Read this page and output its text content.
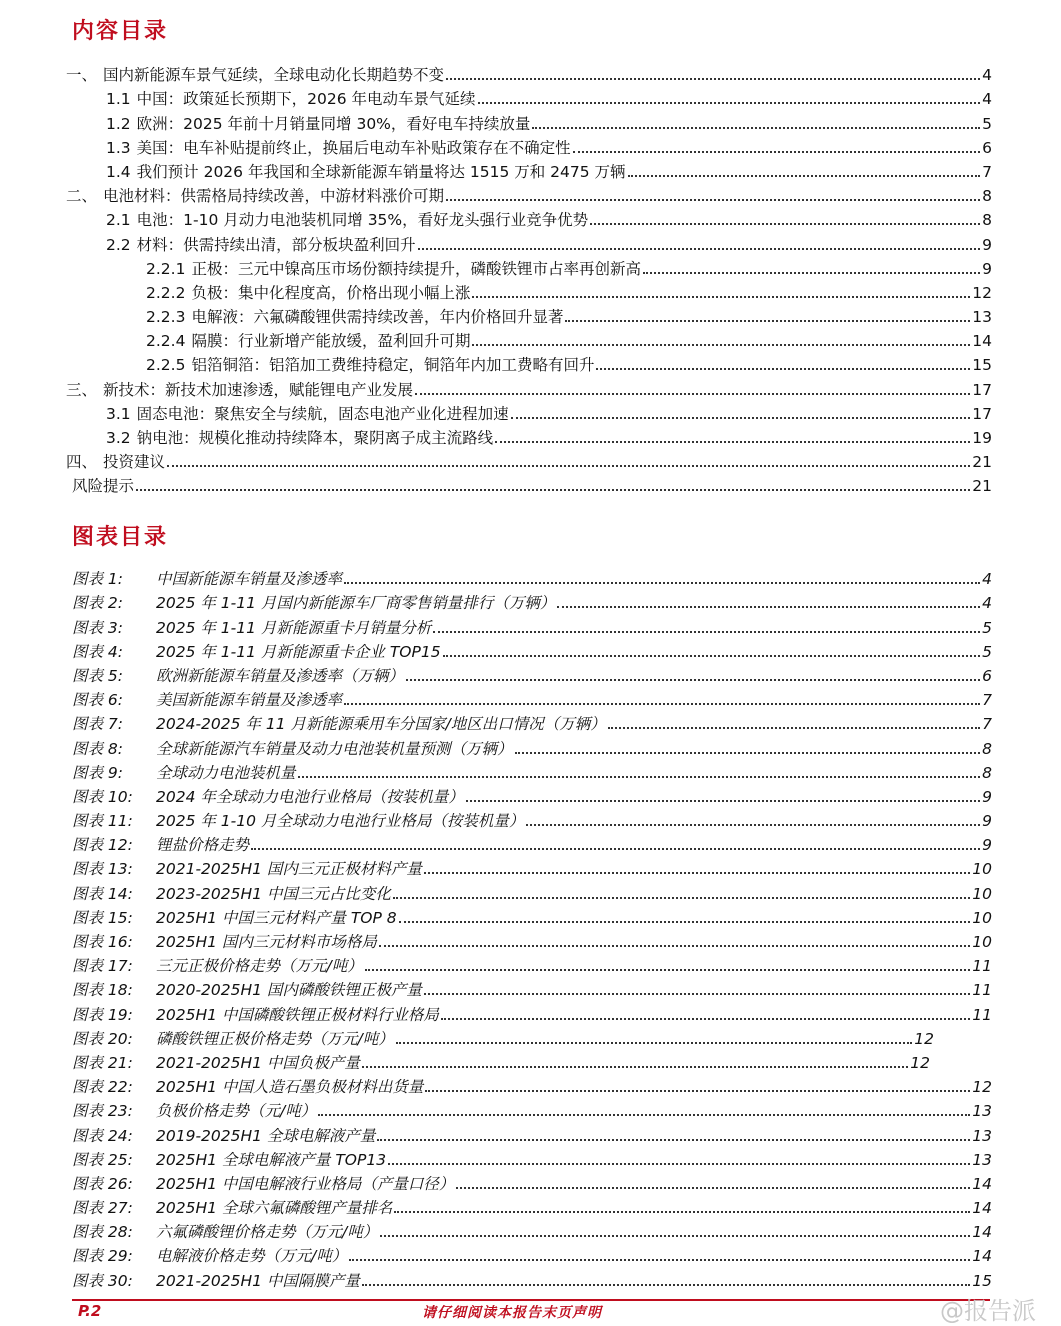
内容目录
一、 国内新能源车景气延续，全球电动化长期趋势不变	4
1.1 中国：政策延长预期下，2026 年电动车景气延续	4
1.2 欧洲：2025 年前十月销量同增 30%，看好电车持续放量	5
1.3 美国：电车补贴提前终止，换届后电动车补贴政策存在不确定性	6
1.4 我们预计 2026 年我国和全球新能源车销量将达 1515 万和 2475 万辆	7
二、 电池材料：供需格局持续改善，中游材料涨价可期	8
2.1 电池：1-10 月动力电池装机同增 35%，看好龙头强行业竞争优势	8
2.2 材料：供需持续出清，部分板块盈利回升	9
2.2.1 正极：三元中镍高压市场份额持续提升，磷酸铁锂市占率再创新高	9
2.2.2 负极：集中化程度高，价格出现小幅上涨	12
2.2.3 电解液：六氟磷酸锂供需持续改善，年内价格回升显著	13
2.2.4 隔膜：行业新增产能放缓，盈利回升可期	14
2.2.5 铝箔铜箔：铝箔加工费维持稳定，铜箔年内加工费略有回升	15
三、 新技术：新技术加速渗透，赋能锂电产业发展	17
3.1 固态电池：聚焦安全与续航，固态电池产业化进程加速	17
3.2 钠电池：规模化推动持续降本，聚阴离子成主流路线	19
四、 投资建议	21
风险提示	21
图表目录
图表 1:	中国新能源车销量及渗透率	4
图表 2:	2025 年 1-11 月国内新能源车厂商零售销量排行（万辆）	4
图表 3:	2025 年 1-11 月新能源重卡月销量分析	5
图表 4:	2025 年 1-11 月新能源重卡企业 TOP15	5
图表 5:	欧洲新能源车销量及渗透率（万辆）	6
图表 6:	美国新能源车销量及渗透率	7
图表 7:	2024-2025 年 11 月新能源乘用车分国家/地区出口情况（万辆）	7
图表 8:	全球新能源汽车销量及动力电池装机量预测（万辆）	8
图表 9:	全球动力电池装机量	8
图表 10:	2024 年全球动力电池行业格局（按装机量）	9
图表 11:	2025 年 1-10 月全球动力电池行业格局（按装机量）	9
图表 12:	锂盐价格走势	9
图表 13:	2021-2025H1 国内三元正极材料产量	10
图表 14:	2023-2025H1 中国三元占比变化	10
图表 15:	2025H1 中国三元材料产量 TOP 8	10
图表 16:	2025H1 国内三元材料市场格局	10
图表 17:	三元正极价格走势（万元/吨）	11
图表 18:	2020-2025H1 国内磷酸铁锂正极产量	11
图表 19:	2025H1 中国磷酸铁锂正极材料行业格局	11
图表 20:	磷酸铁锂正极价格走势（万元/吨）	12
图表 21:	2021-2025H1 中国负极产量	12
图表 22:	2025H1 中国人造石墨负极材料出货量	12
图表 23:	负极价格走势（元/吨）	13
图表 24:	2019-2025H1 全球电解液产量	13
图表 25:	2025H1 全球电解液产量 TOP13	13
图表 26:	2025H1 中国电解液行业格局（产量口径）	14
图表 27:	2025H1 全球六氟磷酸锂产量排名	14
图表 28:	六氟磷酸锂价格走势（万元/吨）	14
图表 29:	电解液价格走势（万元/吨）	14
图表 30:	2021-2025H1 中国隔膜产量	15
P.2	请仔细阅读本报告末页声明	@报告派
